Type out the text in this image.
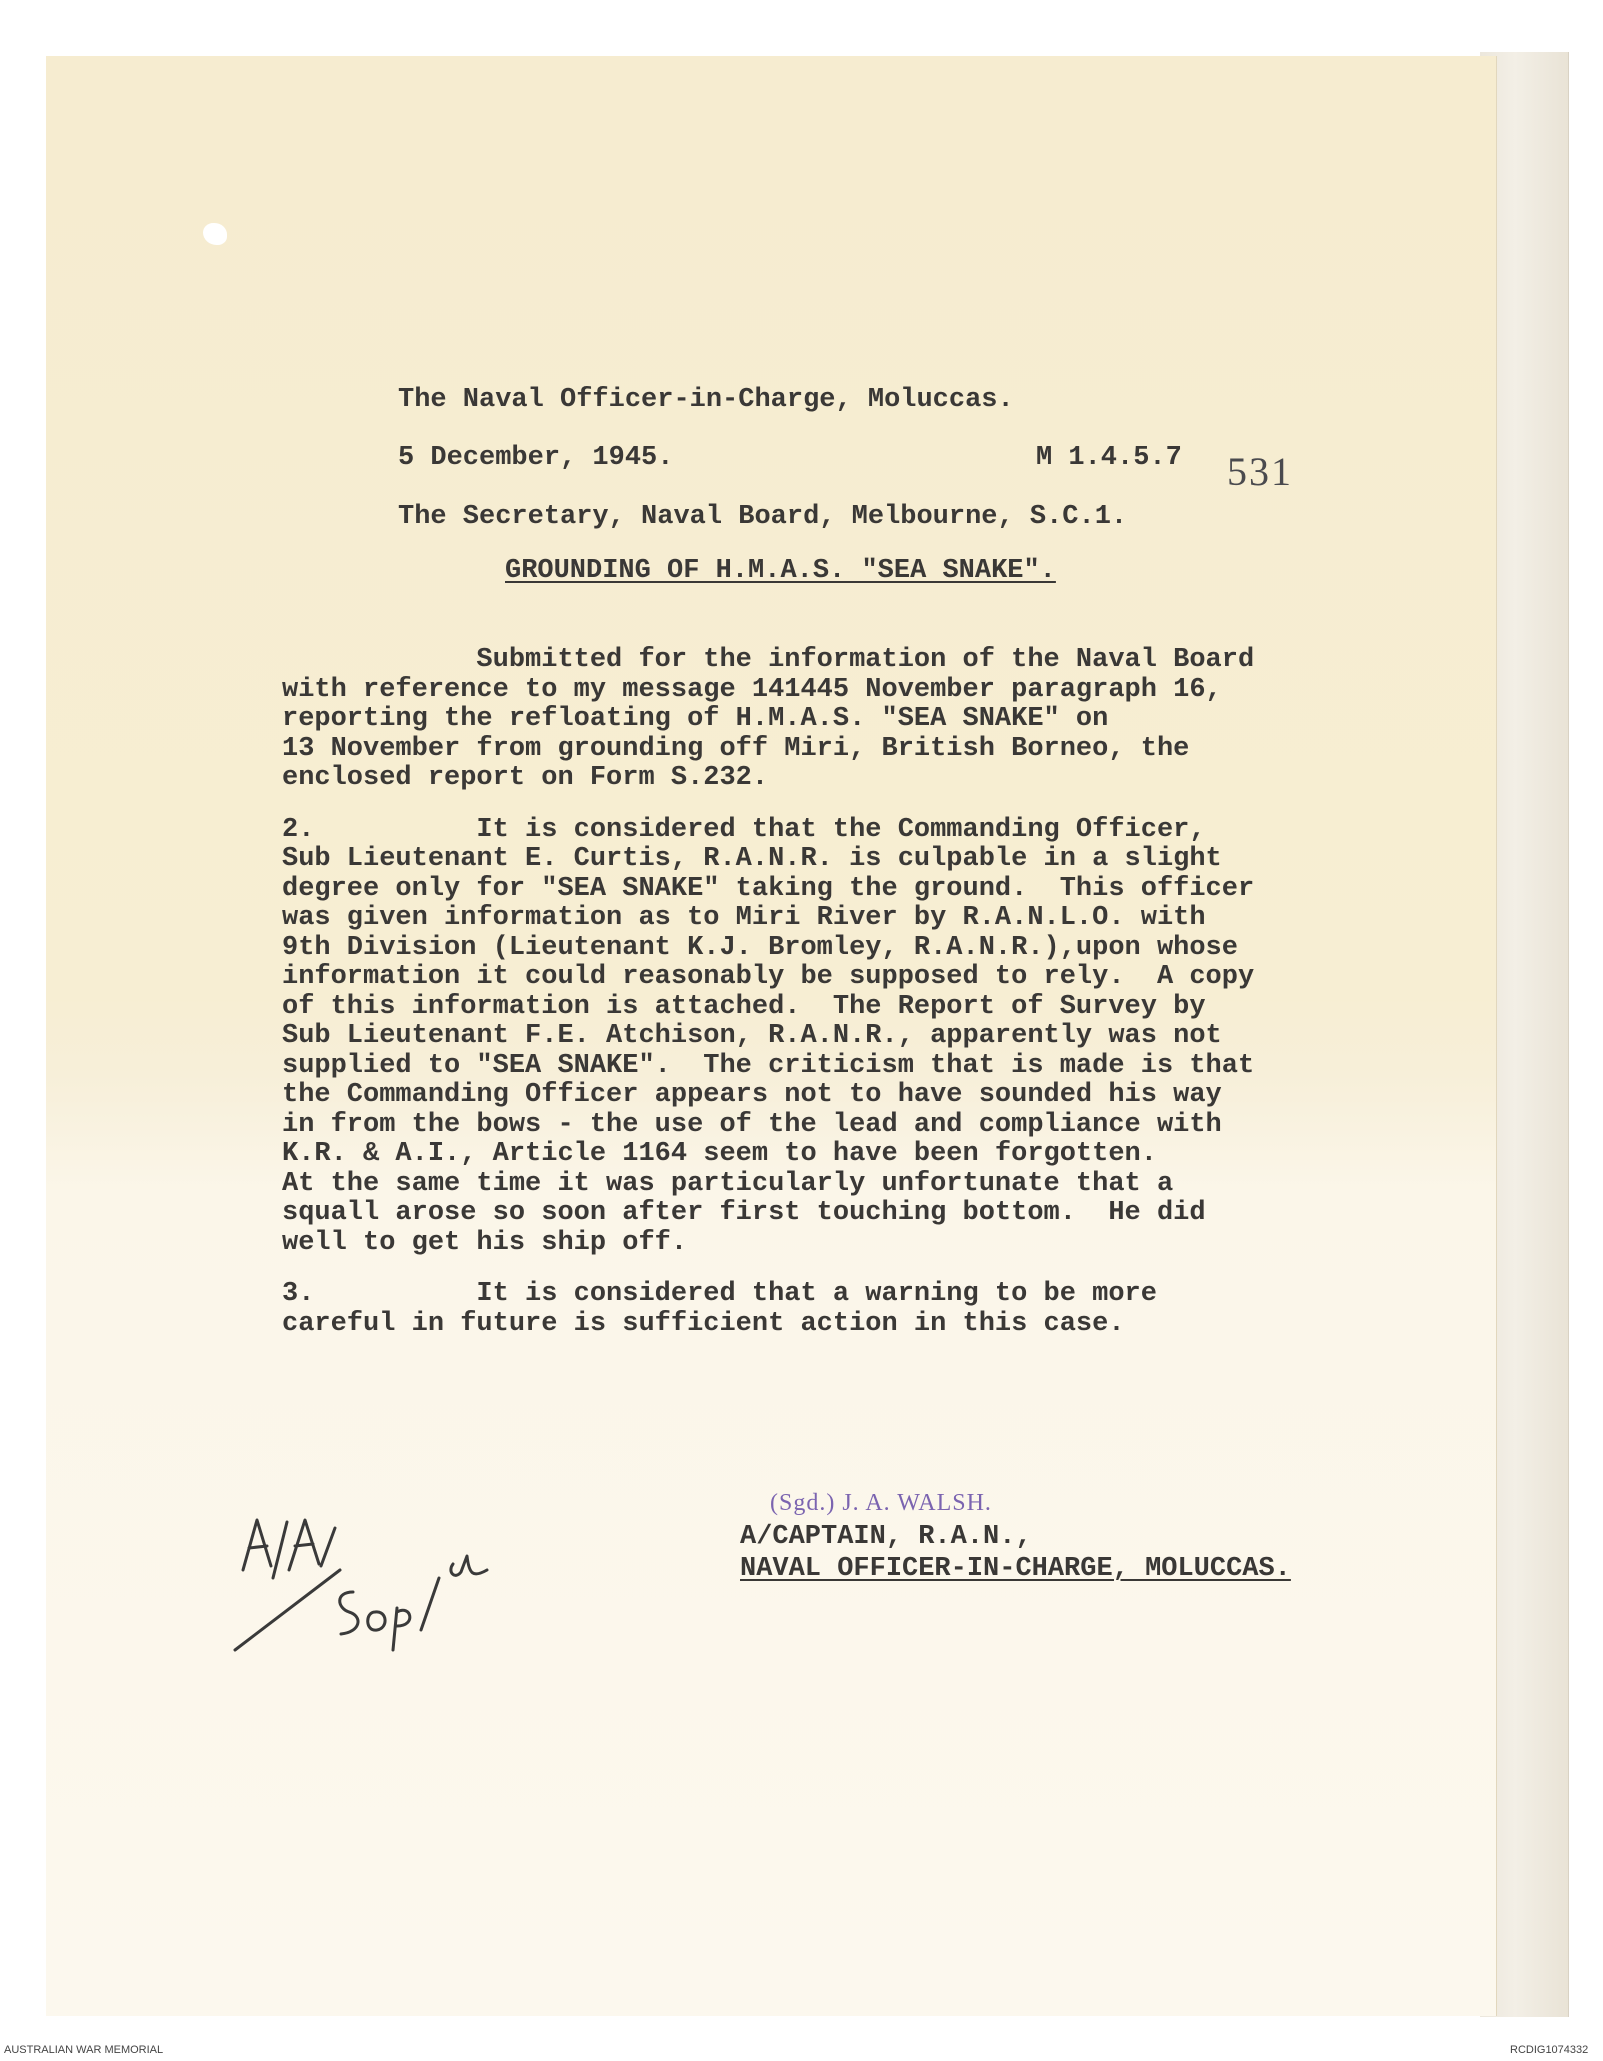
The Naval Officer-in-Charge, Moluccas.
5 December, 1945.	M 1.4.5.7 531
The Secretary, Naval Board, Melbourne, S.C.1.
GROUNDING OF H.M.A.S. "SEA SNAKE".
Submitted for the information of the Naval Board
with reference to my message 141445 November paragraph 16,
reporting the refloating of H.M.A.S. "SEA SNAKE" on
13 November from grounding off Miri, British Borneo, the
enclosed report on Form S.232.
2.          It is considered that the Commanding Officer,
Sub Lieutenant E. Curtis, R.A.N.R. is culpable in a slight
degree only for "SEA SNAKE" taking the ground.  This officer
was given information as to Miri River by R.A.N.L.O. with
9th Division (Lieutenant K.J. Bromley, R.A.N.R.),upon whose
information it could reasonably be supposed to rely.  A copy
of this information is attached.  The Report of Survey by
Sub Lieutenant F.E. Atchison, R.A.N.R., apparently was not
supplied to "SEA SNAKE".  The criticism that is made is that
the Commanding Officer appears not to have sounded his way
in from the bows - the use of the lead and compliance with
K.R. & A.I., Article 1164 seem to have been forgotten.
At the same time it was particularly unfortunate that a
squall arose so soon after first touching bottom.  He did
well to get his ship off.
3.          It is considered that a warning to be more
careful in future is sufficient action in this case.
(Sgd.) J. A. WALSH.
A/CAPTAIN, R.A.N.,
NAVAL OFFICER-IN-CHARGE, MOLUCCAS.
AUSTRALIAN WAR MEMORIAL	RCDIG1074332
